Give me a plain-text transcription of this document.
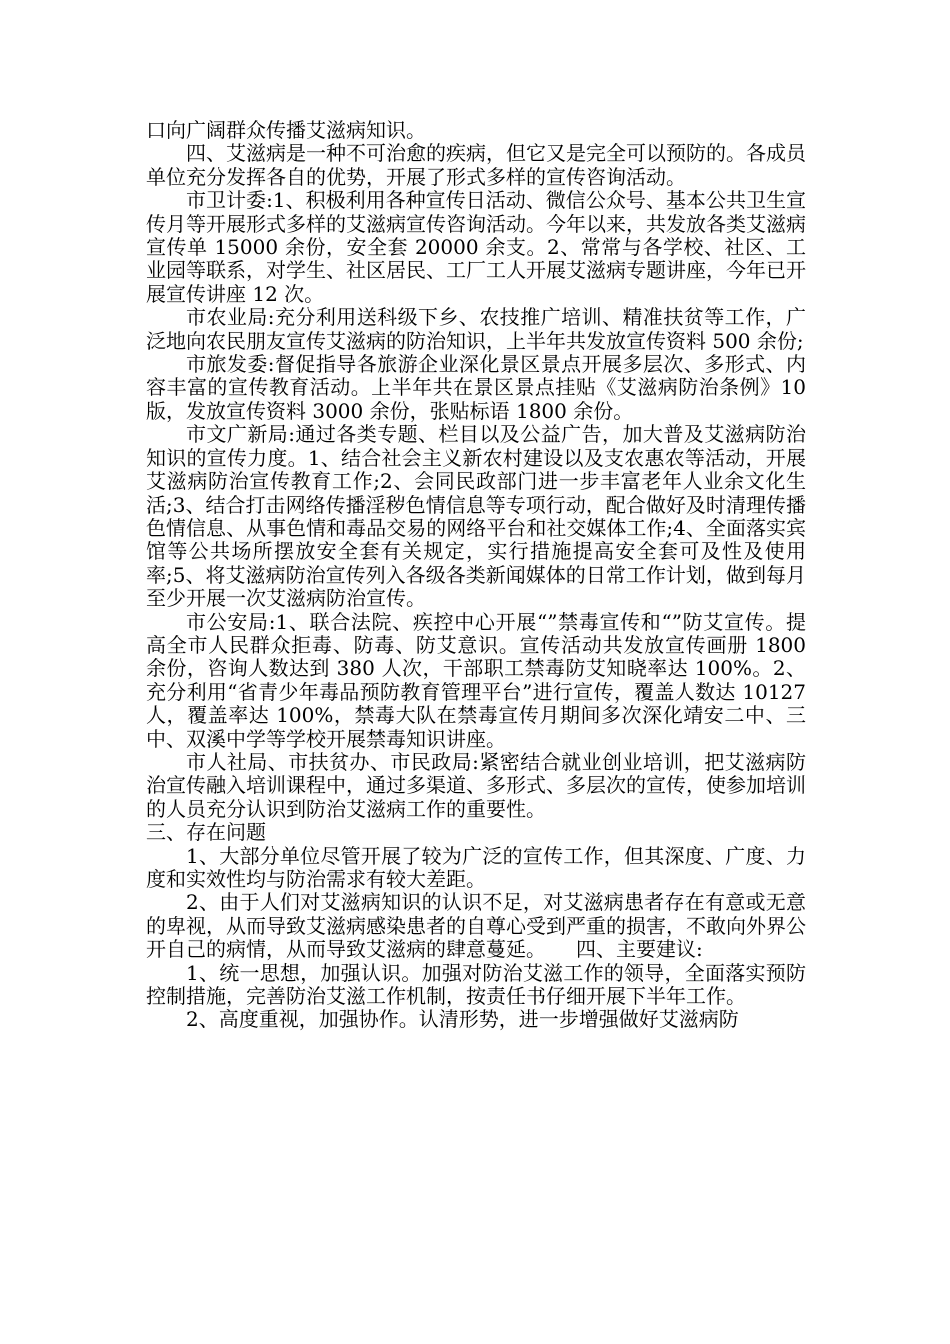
口向广阔群众传播艾滋病知识。

四、艾滋病是一种不可治愈的疾病，但它又是完全可以预防的。各成员单位充分发挥各自的优势，开展了形式多样的宣传咨询活动。

市卫计委:1、积极利用各种宣传日活动、微信公众号、基本公共卫生宣传月等开展形式多样的艾滋病宣传咨询活动。今年以来，共发放各类艾滋病宣传单 15000 余份，安全套 20000 余支。2、常常与各学校、社区、工业园等联系，对学生、社区居民、工厂工人开展艾滋病专题讲座，今年已开展宣传讲座 12 次。

市农业局:充分利用送科级下乡、农技推广培训、精准扶贫等工作，广泛地向农民朋友宣传艾滋病的防治知识，上半年共发放宣传资料 500 余份;

市旅发委:督促指导各旅游企业深化景区景点开展多层次、多形式、内容丰富的宣传教育活动。上半年共在景区景点挂贴《艾滋病防治条例》10 版，发放宣传资料 3000 余份，张贴标语 1800 余份。

市文广新局:通过各类专题、栏目以及公益广告，加大普及艾滋病防治知识的宣传力度。1、结合社会主义新农村建设以及支农惠农等活动，开展艾滋病防治宣传教育工作;2、会同民政部门进一步丰富老年人业余文化生活;3、结合打击网络传播淫秽色情信息等专项行动，配合做好及时清理传播色情信息、从事色情和毒品交易的网络平台和社交媒体工作;4、全面落实宾馆等公共场所摆放安全套有关规定，实行措施提高安全套可及性及使用率;5、将艾滋病防治宣传列入各级各类新闻媒体的日常工作计划，做到每月至少开展一次艾滋病防治宣传。

市公安局:1、联合法院、疾控中心开展“”禁毒宣传和“”防艾宣传。提高全市人民群众拒毒、防毒、防艾意识。宣传活动共发放宣传画册 1800 余份，咨询人数达到 380 人次，干部职工禁毒防艾知晓率达 100%。2、充分利用“省青少年毒品预防教育管理平台”进行宣传，覆盖人数达 10127 人，覆盖率达 100%，禁毒大队在禁毒宣传月期间多次深化靖安二中、三中、双溪中学等学校开展禁毒知识讲座。

市人社局、市扶贫办、市民政局:紧密结合就业创业培训，把艾滋病防治宣传融入培训课程中，通过多渠道、多形式、多层次的宣传，使参加培训的人员充分认识到防治艾滋病工作的重要性。

三、存在问题

1、大部分单位尽管开展了较为广泛的宣传工作，但其深度、广度、力度和实效性均与防治需求有较大差距。

2、由于人们对艾滋病知识的认识不足，对艾滋病患者存在有意或无意的卑视，从而导致艾滋病感染患者的自尊心受到严重的损害，不敢向外界公开自己的病情，从而导致艾滋病的肆意蔓延。　　四、主要建议:

1、统一思想，加强认识。加强对防治艾滋工作的领导，全面落实预防控制措施，完善防治艾滋工作机制，按责任书仔细开展下半年工作。

2、高度重视，加强协作。认清形势，进一步增强做好艾滋病防
